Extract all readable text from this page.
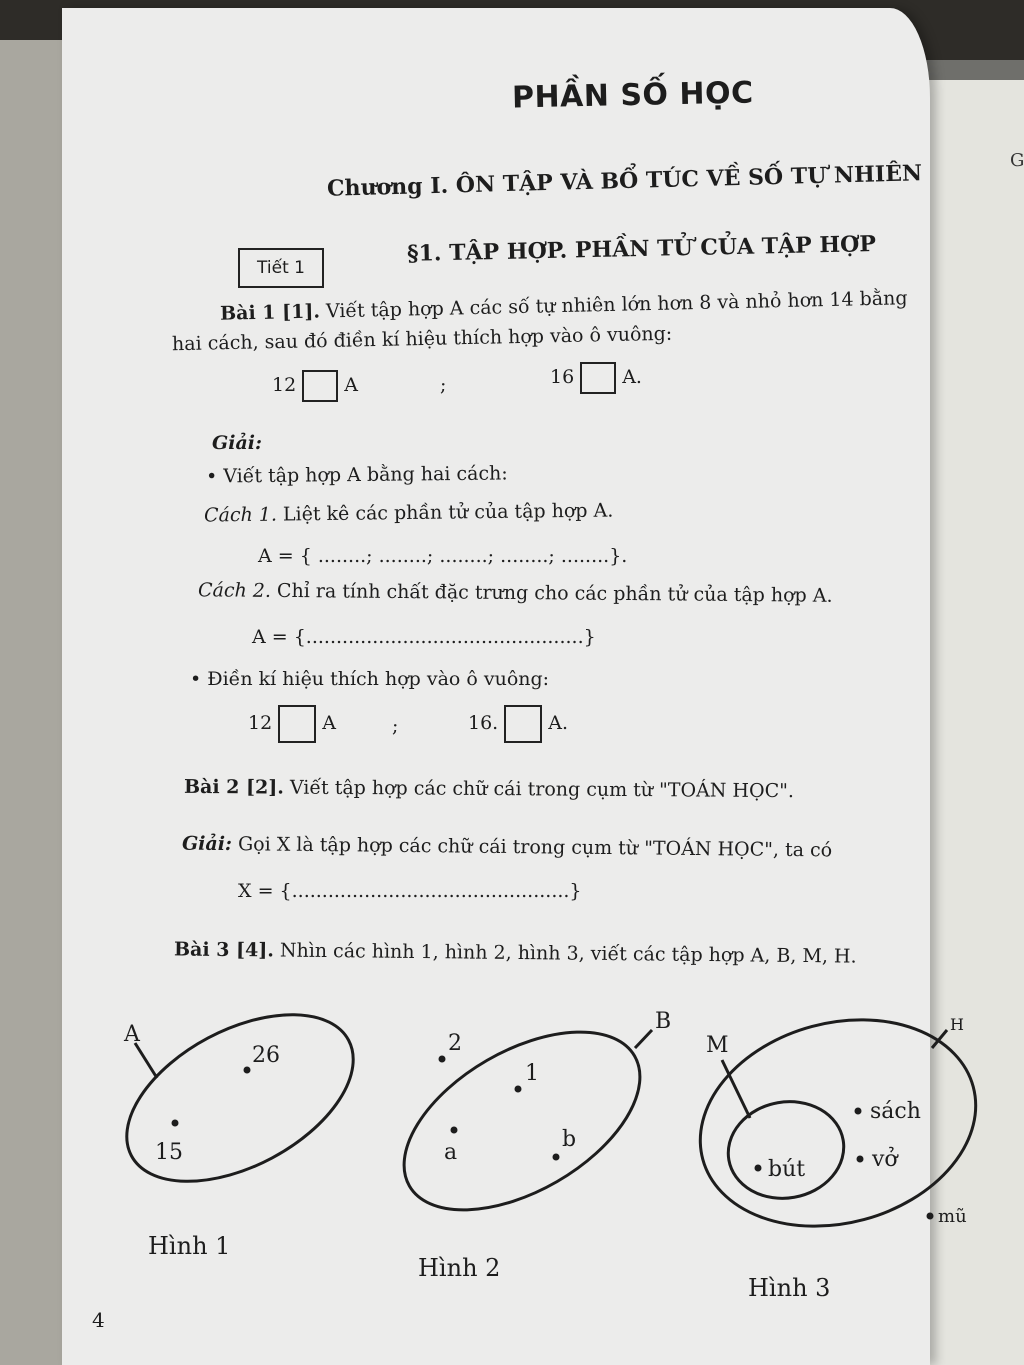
G
PHẦN SỐ HỌC
Chương I. ÔN TẬP VÀ BỔ TÚC VỀ SỐ TỰ NHIÊN
Tiết 1
§1. TẬP HỢP. PHẦN TỬ CỦA TẬP HỢP
Bài 1 [1]. Viết tập hợp A các số tự nhiên lớn hơn 8 và nhỏ hơn 14 bằng
hai cách, sau đó điền kí hiệu thích hợp vào ô vuông:
12	A	;	16	A.
Giải:
• Viết tập hợp A bằng hai cách:
Cách 1. Liệt kê các phần tử của tập hợp A.
A = { ........; ........; ........; ........; ........}.
Cách 2. Chỉ ra tính chất đặc trưng cho các phần tử của tập hợp A.
A = {..............................................}
• Điền kí hiệu thích hợp vào ô vuông:
12	A	;	16.	A.
Bài 2 [2]. Viết tập hợp các chữ cái trong cụm từ "TOÁN HỌC".
Giải: Gọi X là tập hợp các chữ cái trong cụm từ "TOÁN HỌC", ta có
X = {..............................................}
Bài 3 [4]. Nhìn các hình 1, hình 2, hình 3, viết các tập hợp A, B, M, H.
A
26
15
B
2
1
a
b
H
M
bút
sách
vở
mũ
Hình 1
Hình 2
Hình 3
4
